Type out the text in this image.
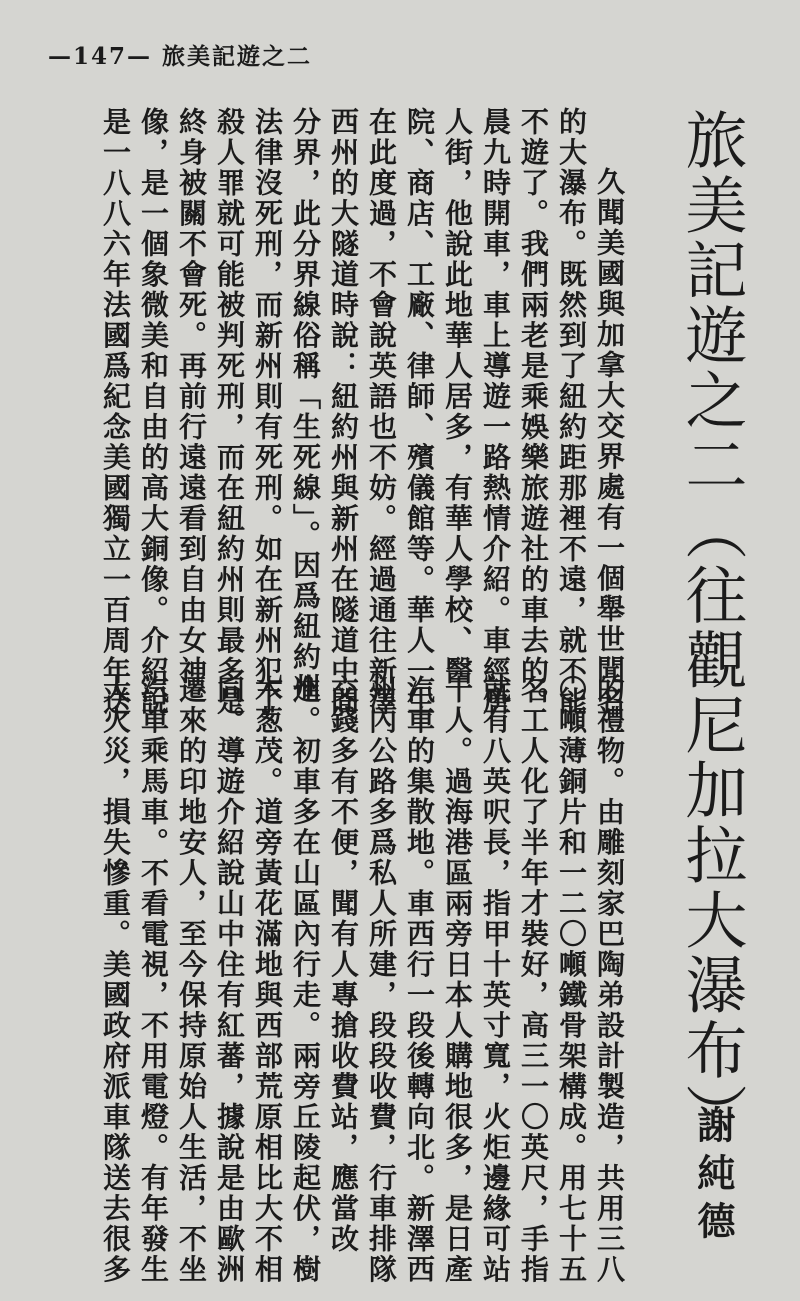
—147— 旅美記遊之二
旅美記遊之二（往觀尼加拉大瀑布）
謝純德
久聞美國與加拿大交界處有一個舉世聞名
的大瀑布。既然到了紐約距那裡不遠，就不能
不遊了。我們兩老是乘娛樂旅遊社的車去的。
晨九時開車，車上導遊一路熱情介紹。車經唐
人街，他說此地華人居多，有華人學校、醫
院、商店、工廠、律師、殯儀館等。華人一生
在此度過，不會說英語也不妨。經過通往新澤
西州的大隧道時說：紐約州與新州在隧道中間
分界，此分界線俗稱「生死線」。因爲紐約州
法律沒死刑，而新州則有死刑。如在新州犯了
殺人罪就可能被判死刑，而在紐約州則最多是
終身被關不會死。再前行遠遠看到自由女神
像，是一個象微美和自由的高大銅像。介紹說
是一八八六年法國爲紀念美國獨立一百周年送
的禮物。由雕刻家巴陶弟設計製造，共用三八
〇噸薄銅片和一二〇噸鐵骨架構成。用七十五
名工人化了半年才裝好，高三一〇英尺，手指
就有八英呎長，指甲十英寸寬，火炬邊緣可站
十人。過海港區兩旁日本人購地很多，是日產
汽車的集散地。車西行一段後轉向北。新澤西
州內公路多爲私人所建，段段收費，行車排隊
交錢多有不便，聞有人專搶收費站，應當改
進。初車多在山區內行走。兩旁丘陵起伏，樹
木葱茂。道旁黃花滿地與西部荒原相比大不相
同。導遊介紹說山中住有紅蕃，據說是由歐洲
遷來的印地安人，至今保持原始人生活，不坐
汽車乘馬車。不看電視，不用電燈。有年發生
大火災，損失慘重。美國政府派車隊送去很多
